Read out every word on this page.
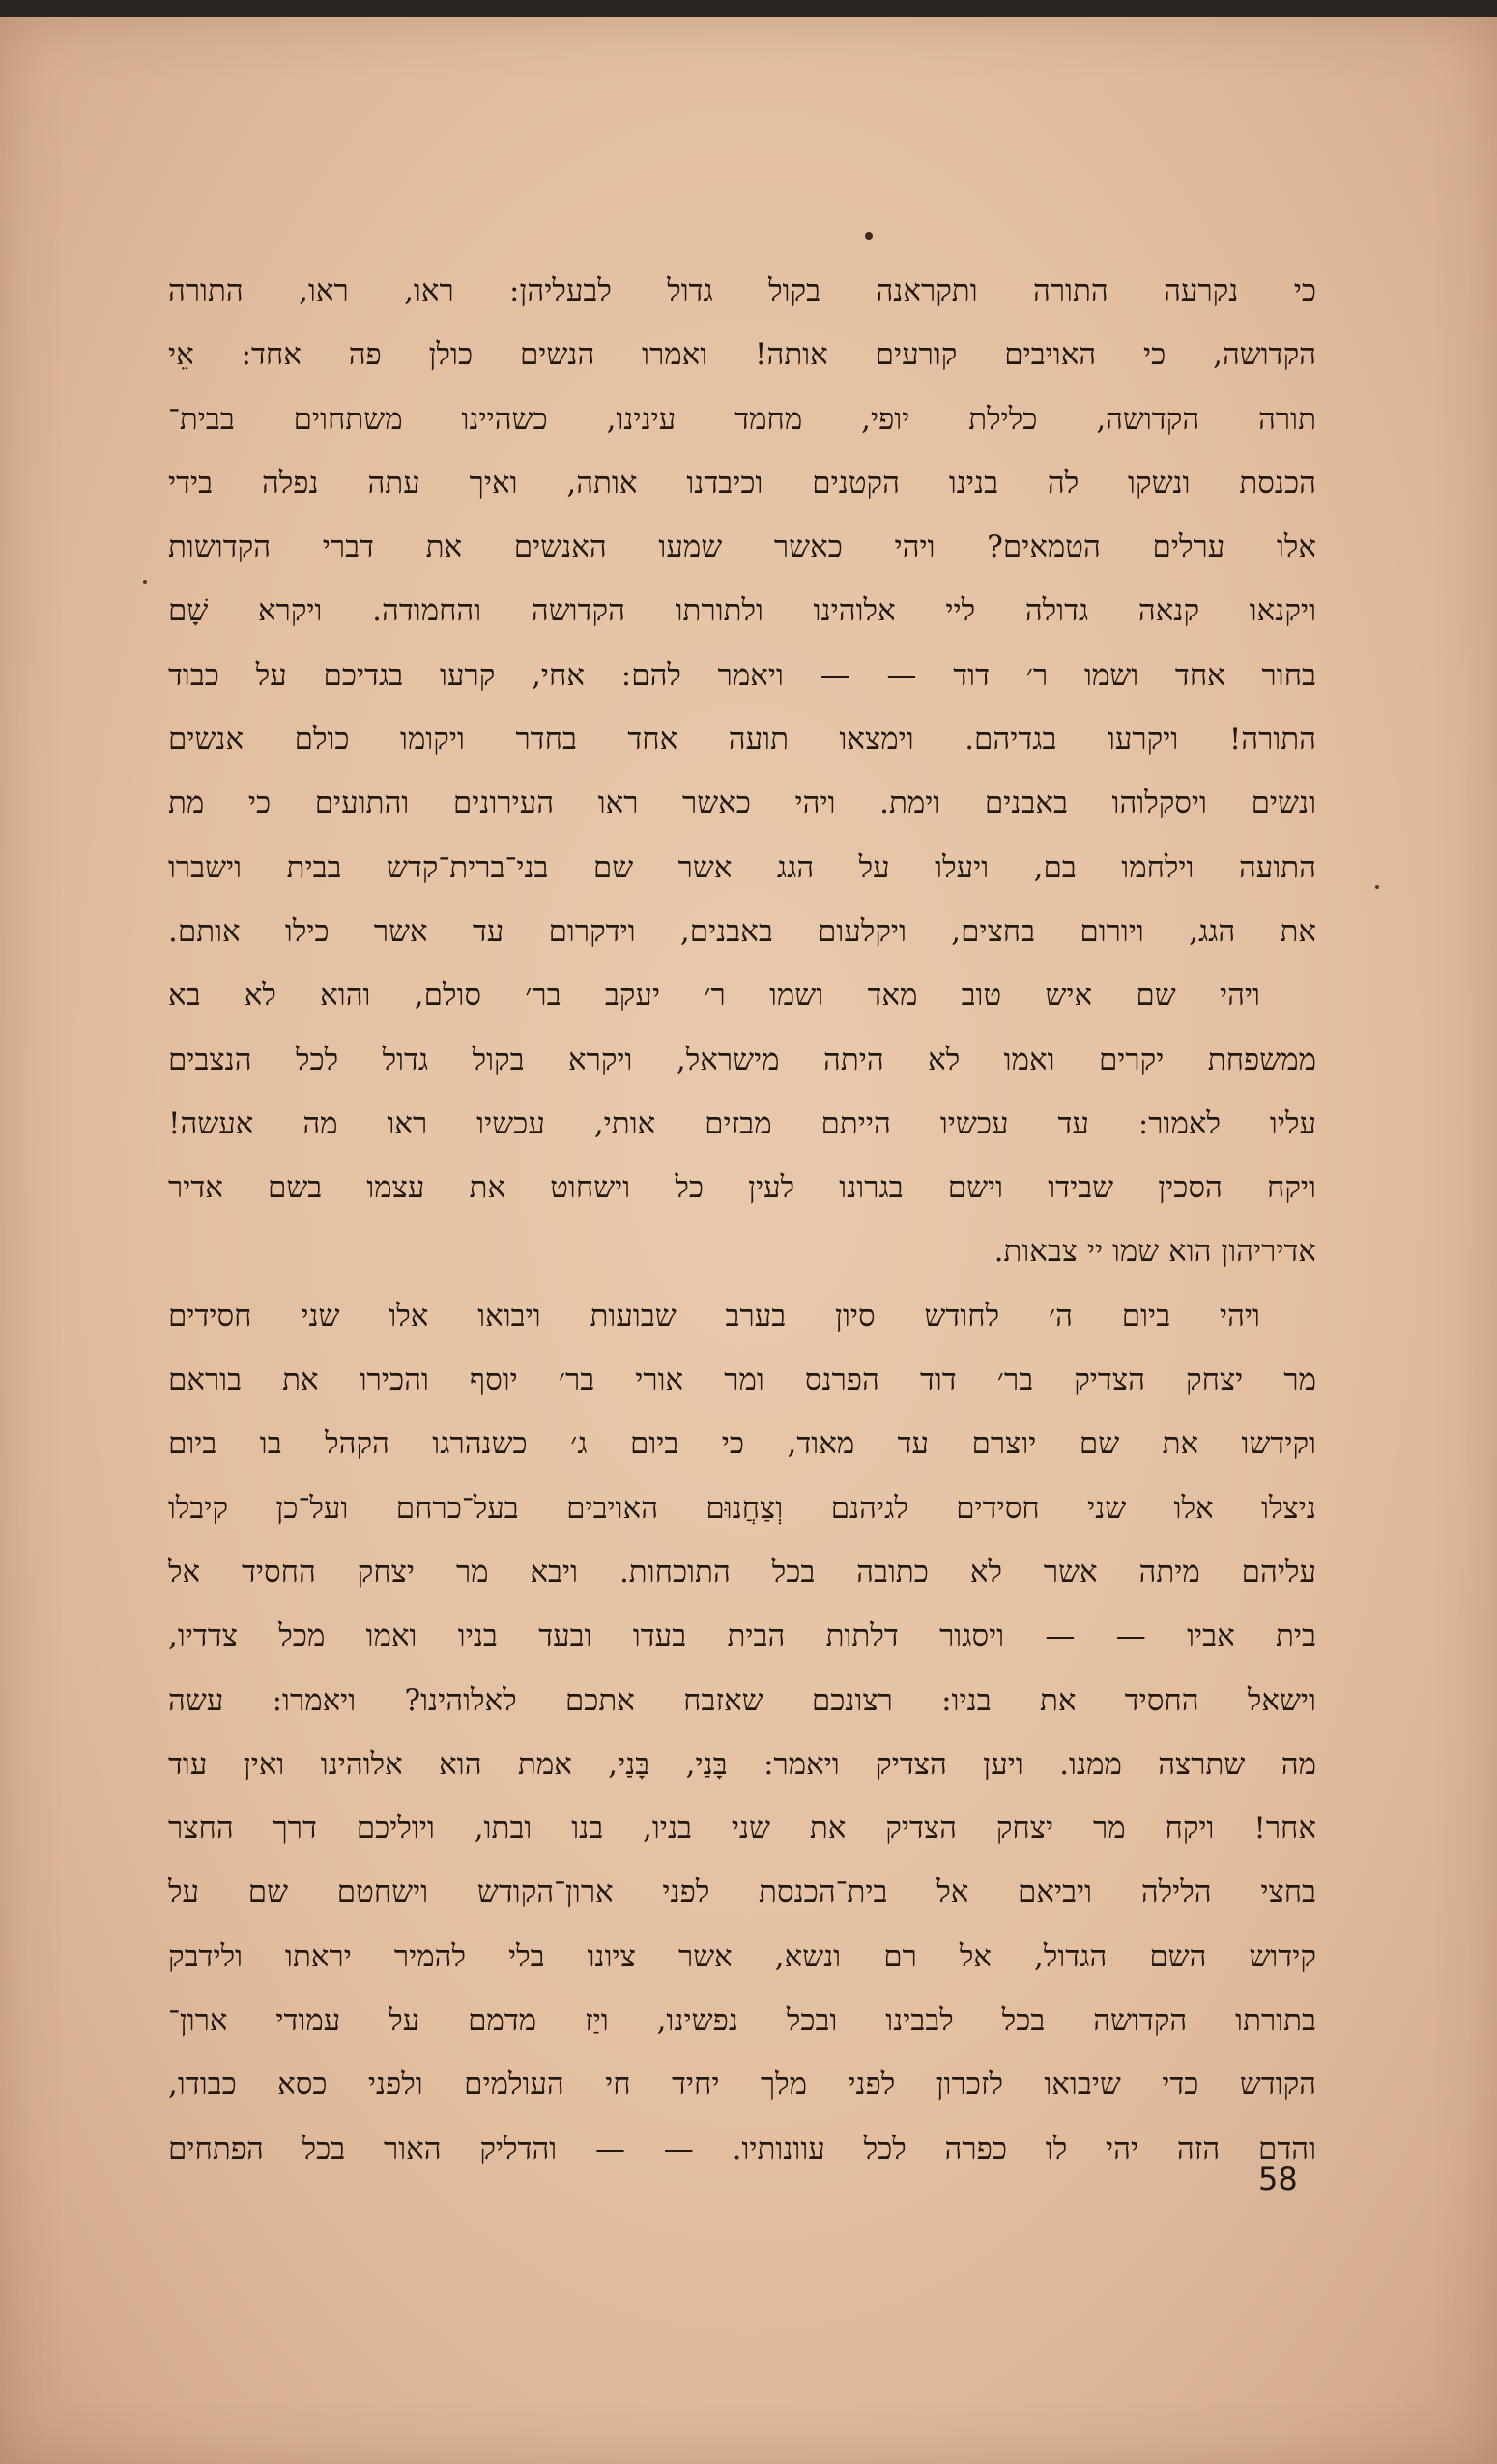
כי נקרעה התורה ותקראנה בקול גדול לבעליהן: ראו, ראו, התורה
הקדושה, כי האויבים קורעים אותה! ואמרו הנשים כולן פה אחד: אֵי
תורה הקדושה, כלילת יופי, מחמד עינינו, כשהיינו משתחוים בבית־
הכנסת ונשקו לה בנינו הקטנים וכיבדנו אותה, ואיך עתה נפלה בידי
אלו ערלים הטמאים? ויהי כאשר שמעו האנשים את דברי הקדושות
ויקנאו קנאה גדולה ליי אלוהינו ולתורתו הקדושה והחמודה. ויקרא שָׁם
בחור אחד ושמו ר׳ דוד — — ויאמר להם: אחי, קרעו בגדיכם על כבוד
התורה! ויקרעו בגדיהם. וימצאו תועה אחד בחדר ויקומו כולם אנשים
ונשים ויסקלוהו באבנים וימת. ויהי כאשר ראו העירונים והתועים כי מת
התועה וילחמו בם, ויעלו על הגג אשר שם בני־ברית־קדש בבית וישברו
את הגג, ויורום בחצים, ויקלעום באבנים, וידקרום עד אשר כילו אותם.
ויהי שם איש טוב מאד ושמו ר׳ יעקב בר׳ סולם, והוא לא בא
ממשפחת יקרים ואמו לא היתה מישראל, ויקרא בקול גדול לכל הנצבים
עליו לאמור: עד עכשיו הייתם מבזים אותי, עכשיו ראו מה אעשה!
ויקח הסכין שבידו וישם בגרונו לעין כל וישחוט את עצמו בשם אדיר
אדיריהון הוא שמו יי צבאות.
ויהי ביום ה׳ לחודש סיון בערב שבועות ויבואו אלו שני חסידים
מר יצחק הצדיק בר׳ דוד הפרנס ומר אורי בר׳ יוסף והכירו את בוראם
וקידשו את שם יוצרם עד מאוד, כי ביום ג׳ כשנהרגו הקהל בו ביום
ניצלו אלו שני חסידים לגיהנם וְצַחֲנוּם האויבים בעל־כרחם ועל־כן קיבלו
עליהם מיתה אשר לא כתובה בכל התוכחות. ויבא מר יצחק החסיד אל
בית אביו — — ויסגור דלתות הבית בעדו ובעד בניו ואמו מכל צדדיו,
וישאל החסיד את בניו: רצונכם שאזבח אתכם לאלוהינו? ויאמרו: עשה
מה שתרצה ממנו. ויען הצדיק ויאמר: בָּנַי, בָּנַי, אמת הוא אלוהינו ואין עוד
אחר! ויקח מר יצחק הצדיק את שני בניו, בנו ובתו, ויוליכם דרך החצר
בחצי הלילה ויביאם אל בית־הכנסת לפני ארון־הקודש וישחטם שם על
קידוש השם הגדול, אל רם ונשא, אשר ציונו בלי להמיר יראתו ולידבק
בתורתו הקדושה בכל לבבינו ובכל נפשינו, ויַז מדמם על עמודי ארון־
הקודש כדי שיבואו לזכרון לפני מלך יחיד חי העולמים ולפני כסא כבודו,
והדם הזה יהי לו כפרה לכל עוונותיו. — — והדליק האור בכל הפתחים
58
